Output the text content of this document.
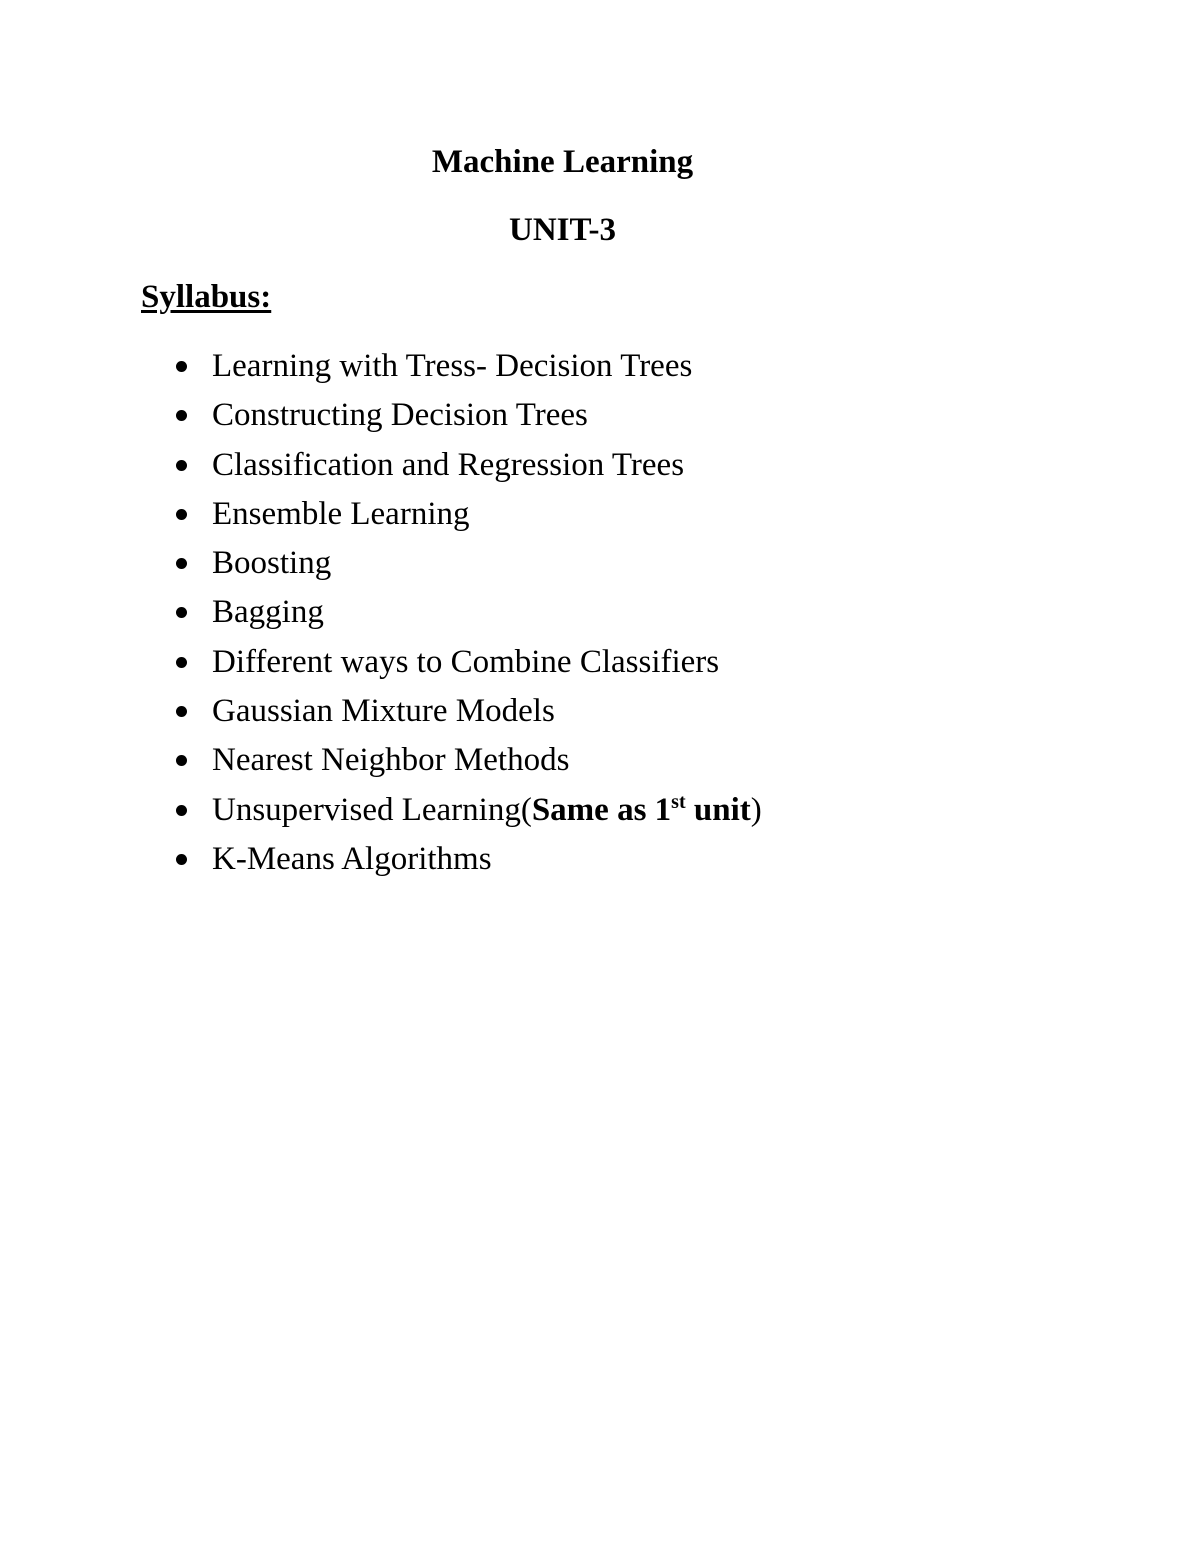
Machine Learning
UNIT-3
Syllabus:
Learning with Tress- Decision Trees
Constructing Decision Trees
Classification and Regression Trees
Ensemble Learning
Boosting
Bagging
Different ways to Combine Classifiers
Gaussian Mixture Models
Nearest Neighbor Methods
Unsupervised Learning(Same as 1st unit)
K-Means Algorithms
